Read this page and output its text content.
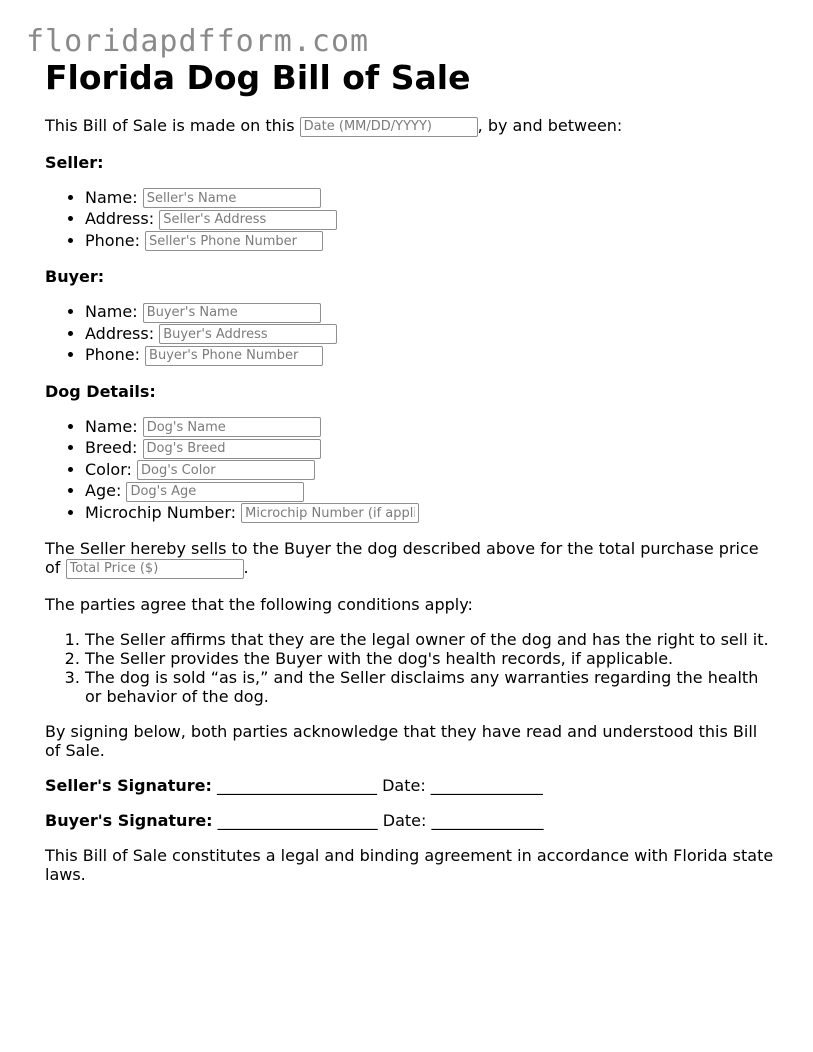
floridapdfform.com
Florida Dog Bill of Sale

This Bill of Sale is made on this Date (MM/DD/YYYY)	, by and between:

Seller:

• Name: Seller's Name
• Address: Seller's Address
• Phone: Seller's Phone Number

Buyer:

• Name: Buyer's Name
• Address: Buyer's Address
• Phone: Buyer's Phone Number

Dog Details:

• Name: Dog's Name
• Breed: Dog's Breed
• Color: Dog's Color
• Age: Dog's Age
• Microchip Number: Microchip Number (if applicable)

The Seller hereby sells to the Buyer the dog described above for the total purchase price of Total Price ($)	.

The parties agree that the following conditions apply:

1. The Seller affirms that they are the legal owner of the dog and has the right to sell it.
2. The Seller provides the Buyer with the dog's health records, if applicable.
3. The dog is sold “as is,” and the Seller disclaims any warranties regarding the health or behavior of the dog.

By signing below, both parties acknowledge that they have read and understood this Bill of Sale.

Seller's Signature: ____________________ Date: ______________

Buyer's Signature: ____________________ Date: ______________

This Bill of Sale constitutes a legal and binding agreement in accordance with Florida state laws.
